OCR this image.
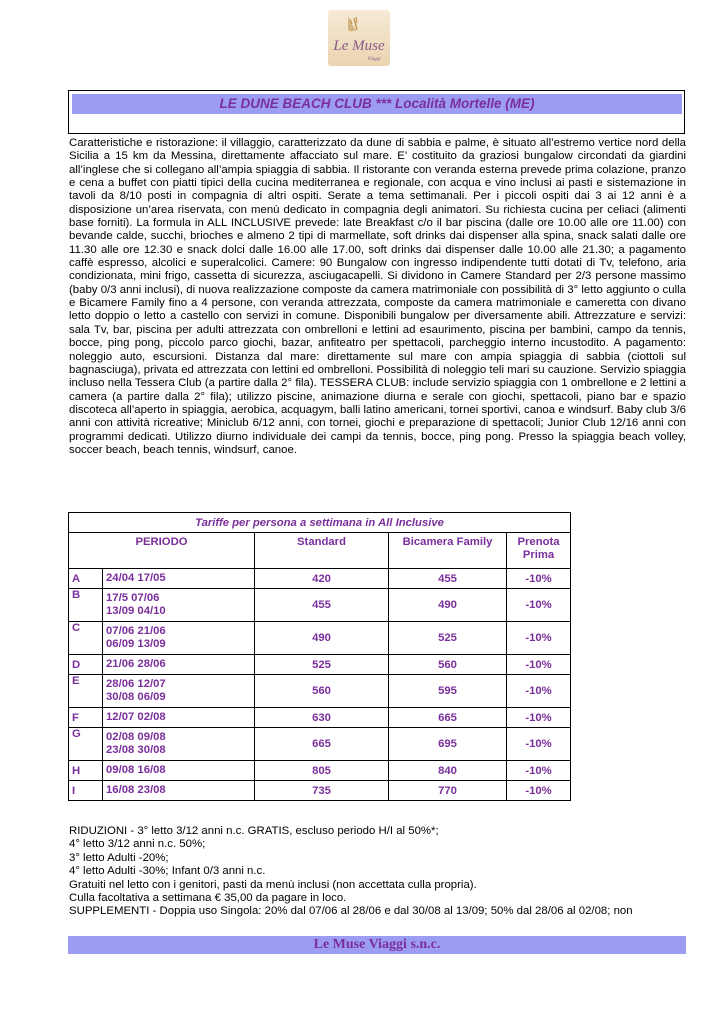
Le Muse
Viaggi
LE DUNE BEACH CLUB *** Località Mortelle (ME)

Caratteristiche e ristorazione: il villaggio, caratterizzato da dune di sabbia e palme, è situato all’estremo vertice nord della Sicilia a 15 km da Messina, direttamente affacciato sul mare. E’ costituito da graziosi bungalow circondati da giardini all’inglese che si collegano all’ampia spiaggia di sabbia. Il ristorante con veranda esterna prevede prima colazione, pranzo e cena a buffet con piatti tipici della cucina mediterranea e regionale, con acqua e vino inclusi ai pasti e sistemazione in tavoli da 8/10 posti in compagnia di altri ospiti. Serate a tema settimanali. Per i piccoli ospiti dai 3 ai 12 anni è a disposizione un’area riservata, con menù dedicato in compagnia degli animatori. Su richiesta cucina per celiaci (alimenti base forniti). La formula in ALL INCLUSIVE prevede: late Breakfast c/o il bar piscina (dalle ore 10.00 alle ore 11.00) con bevande calde, succhi, brioches e almeno 2 tipi di marmellate, soft drinks dai dispenser alla spina, snack salati dalle ore 11.30 alle ore 12.30 e snack dolci dalle 16.00 alle 17.00, soft drinks dai dispenser dalle 10.00 alle 21.30; a pagamento caffè espresso, alcolici e superalcolici. Camere: 90 Bungalow con ingresso indipendente tutti dotati di Tv, telefono, aria condizionata, mini frigo, cassetta di sicurezza, asciugacapelli. Si dividono in Camere Standard per 2/3 persone massimo (baby 0/3 anni inclusi), di nuova realizzazione composte da camera matrimoniale con possibilità di 3° letto aggiunto o culla e Bicamere Family fino a 4 persone, con veranda attrezzata, composte da camera matrimoniale e cameretta con divano letto doppio o letto a castello con servizi in comune. Disponibili bungalow per diversamente abili. Attrezzature e servizi: sala Tv, bar, piscina per adulti attrezzata con ombrelloni e lettini ad esaurimento, piscina per bambini, campo da tennis, bocce, ping pong, piccolo parco giochi, bazar, anfiteatro per spettacoli, parcheggio interno incustodito. A pagamento: noleggio auto, escursioni. Distanza dal mare: direttamente sul mare con ampia spiaggia di sabbia (ciottoli sul bagnasciuga), privata ed attrezzata con lettini ed ombrelloni. Possibilità di noleggio teli mari su cauzione. Servizio spiaggia incluso nella Tessera Club (a partire dalla 2° fila). TESSERA CLUB: include servizio spiaggia con 1 ombrellone e 2 lettini a camera (a partire dalla 2° fila); utilizzo piscine, animazione diurna e serale con giochi, spettacoli, piano bar e spazio discoteca all’aperto in spiaggia, aerobica, acquagym, balli latino americani, tornei sportivi, canoa e windsurf. Baby club 3/6 anni con attività ricreative; Miniclub 6/12 anni, con tornei, giochi e preparazione di spettacoli; Junior Club 12/16 anni con programmi dedicati. Utilizzo diurno individuale dei campi da tennis, bocce, ping pong. Presso la spiaggia beach volley, soccer beach, beach tennis, windsurf, canoe.

Tariffe per persona a settimana in All Inclusive				
PERIODO		Standard	Bicamera Family	Prenota
Prima
A	24/04 17/05	420	455	-10%
B	17/5 07/06
13/09 04/10	455	490	-10%
C	07/06 21/06
06/09 13/09	490	525	-10%
D	21/06 28/06	525	560	-10%
E	28/06 12/07
30/08 06/09	560	595	-10%
F	12/07 02/08	630	665	-10%
G	02/08 09/08
23/08 30/08	665	695	-10%
H	09/08 16/08	805	840	-10%
I	16/08 23/08	735	770	-10%
RIDUZIONI - 3° letto 3/12 anni n.c. GRATIS, escluso periodo H/I al 50%*;
4° letto 3/12 anni n.c. 50%;
3° letto Adulti -20%;
4° letto Adulti -30%; Infant 0/3 anni n.c.
Gratuiti nel letto con i genitori, pasti da menù inclusi (non accettata culla propria).
Culla facoltativa a settimana € 35,00 da pagare in loco.
SUPPLEMENTI - Doppia uso Singola: 20% dal 07/06 al 28/06 e dal 30/08 al 13/09; 50% dal 28/06 al 02/08; non
Le Muse Viaggi s.n.c.
